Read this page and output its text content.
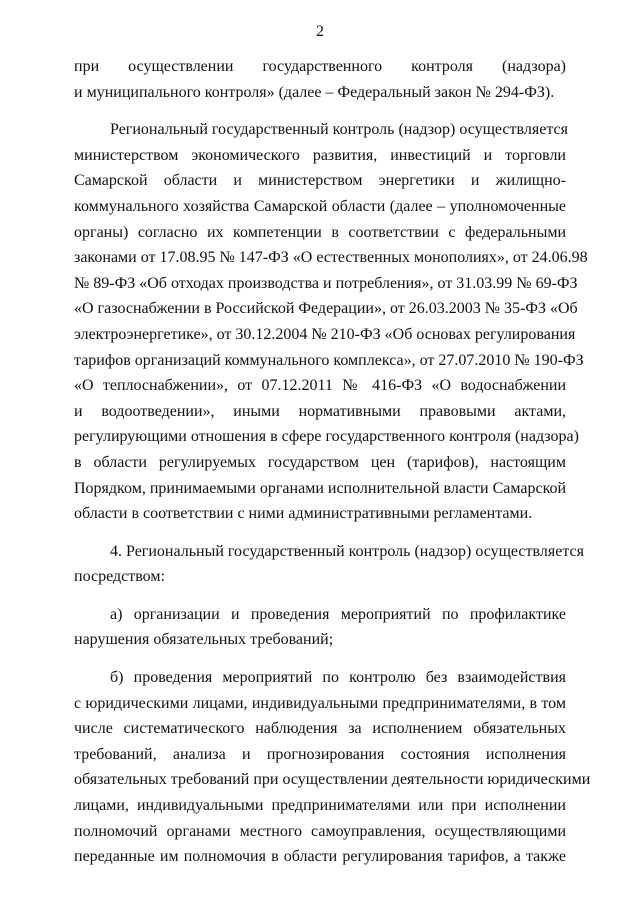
2
при осуществлении государственного контроля (надзора)
и муниципального контроля» (далее – Федеральный закон № 294-ФЗ).
Региональный государственный контроль (надзор) осуществляется
министерством экономического развития, инвестиций и торговли
Самарской области и министерством энергетики и жилищно-
коммунального хозяйства Самарской области (далее – уполномоченные
органы) согласно их компетенции в соответствии с федеральными
законами от 17.08.95 № 147-ФЗ «О естественных монополиях», от 24.06.98
№ 89-ФЗ «Об отходах производства и потребления», от 31.03.99 № 69-ФЗ
«О газоснабжении в Российской Федерации», от 26.03.2003 № 35-ФЗ «Об
электроэнергетике», от 30.12.2004 № 210-ФЗ «Об основах регулирования
тарифов организаций коммунального комплекса», от 27.07.2010 № 190-ФЗ
«О теплоснабжении», от 07.12.2011 № 416-ФЗ «О водоснабжении
и водоотведении», иными нормативными правовыми актами,
регулирующими отношения в сфере государственного контроля (надзора)
в области регулируемых государством цен (тарифов), настоящим
Порядком, принимаемыми органами исполнительной власти Самарской
области в соответствии с ними административными регламентами.
4. Региональный государственный контроль (надзор) осуществляется
посредством:
а) организации и проведения мероприятий по профилактике
нарушения обязательных требований;
б) проведения мероприятий по контролю без взаимодействия
с юридическими лицами, индивидуальными предпринимателями, в том
числе систематического наблюдения за исполнением обязательных
требований, анализа и прогнозирования состояния исполнения
обязательных требований при осуществлении деятельности юридическими
лицами, индивидуальными предпринимателями или при исполнении
полномочий органами местного самоуправления, осуществляющими
переданные им полномочия в области регулирования тарифов, а также
